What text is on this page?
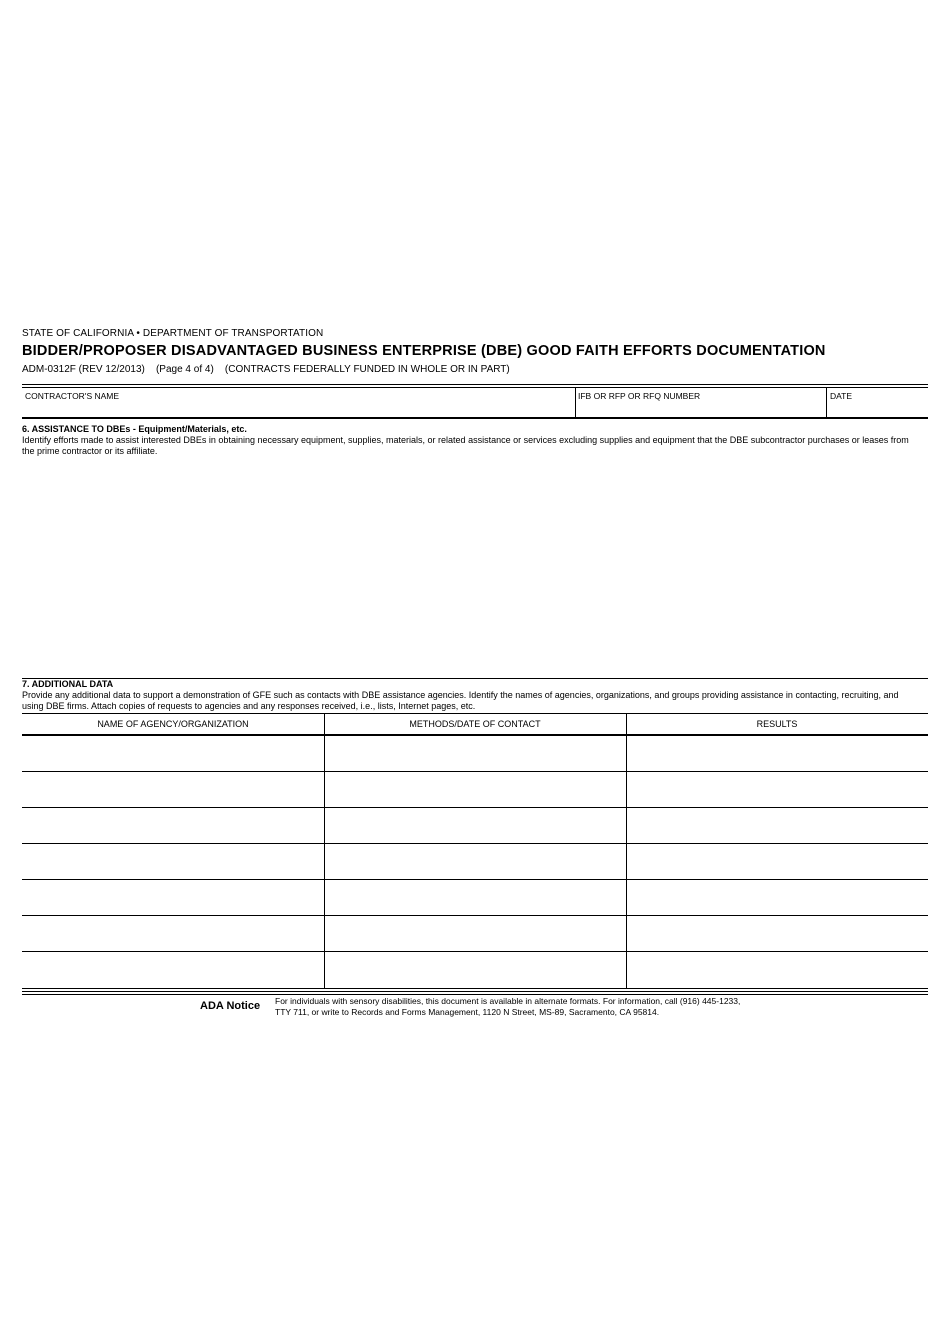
STATE OF CALIFORNIA • DEPARTMENT OF TRANSPORTATION
BIDDER/PROPOSER DISADVANTAGED BUSINESS ENTERPRISE (DBE) GOOD FAITH EFFORTS DOCUMENTATION
ADM-0312F (REV 12/2013) (Page 4 of 4) (CONTRACTS FEDERALLY FUNDED IN WHOLE OR IN PART)
CONTRACTOR'S NAME	IFB OR RFP OR RFQ NUMBER	DATE
6. ASSISTANCE TO DBEs - Equipment/Materials, etc.
Identify efforts made to assist interested DBEs in obtaining necessary equipment, supplies, materials, or related assistance or services excluding supplies and equipment that the DBE subcontractor purchases or leases from the prime contractor or its affiliate.
7. ADDITIONAL DATA
Provide any additional data to support a demonstration of GFE such as contacts with DBE assistance agencies. Identify the names of agencies, organizations, and groups providing assistance in contacting, recruiting, and using DBE firms. Attach copies of requests to agencies and any responses received, i.e., lists, Internet pages, etc.
NAME OF AGENCY/ORGANIZATION	METHODS/DATE OF CONTACT	RESULTS
ADA Notice For individuals with sensory disabilities, this document is available in alternate formats. For information, call (916) 445-1233,
TTY 711, or write to Records and Forms Management, 1120 N Street, MS-89, Sacramento, CA 95814.
